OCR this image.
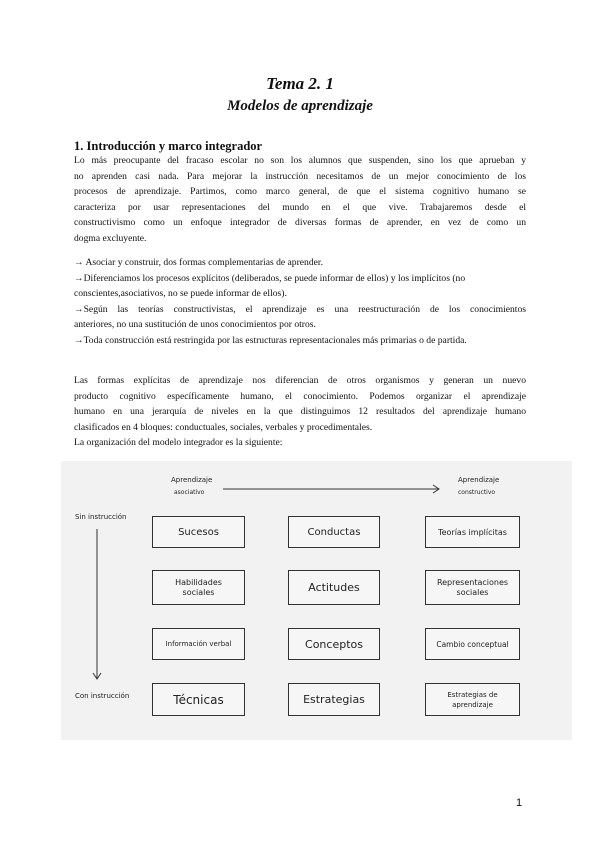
Tema 2. 1
Modelos de aprendizaje
1. Introducción y marco integrador
Lo más preocupante del fracaso escolar no son los alumnos que suspenden, sino los que aprueban y
no aprenden casi nada. Para mejorar la instrucción necesitamos de un mejor conocimiento de los
procesos de aprendizaje. Partimos, como marco general, de que el sistema cognitivo humano se
caracteriza por usar representaciones del mundo en el que vive. Trabajaremos desde el
constructivismo como un enfoque integrador de diversas formas de aprender, en vez de como un
dogma excluyente.
→ Asociar y construir, dos formas complementarias de aprender.
→Diferenciamos los procesos explícitos (deliberados, se puede informar de ellos) y los implícitos (no
conscientes,asociativos, no se puede informar de ellos).
→Según las teorías constructivistas, el aprendizaje es una reestructuración de los conocimientos
anteriores, no una sustitución de unos conocimientos por otros.
→Toda construcción está restringida por las estructuras representacionales más primarias o de partida.
Las formas explícitas de aprendizaje nos diferencian de otros organismos y generan un nuevo
producto cognitivo específicamente humano, el conocimiento. Podemos organizar el aprendizaje
humano en una jerarquía de niveles en la que distinguimos 12 resultados del aprendizaje humano
clasificados en 4 bloques: conductuales, sociales, verbales y procedimentales.
La organización del modelo integrador es la siguiente:
Aprendizaje
asociativo
Aprendizaje
constructivo
Sin instrucción
Con instrucción
Sucesos	Conductas	Teorías implícitas
Habilidades sociales	Actitudes	Representaciones sociales
Información verbal	Conceptos	Cambio conceptual
Técnicas	Estrategias	Estrategias de aprendizaje
1
